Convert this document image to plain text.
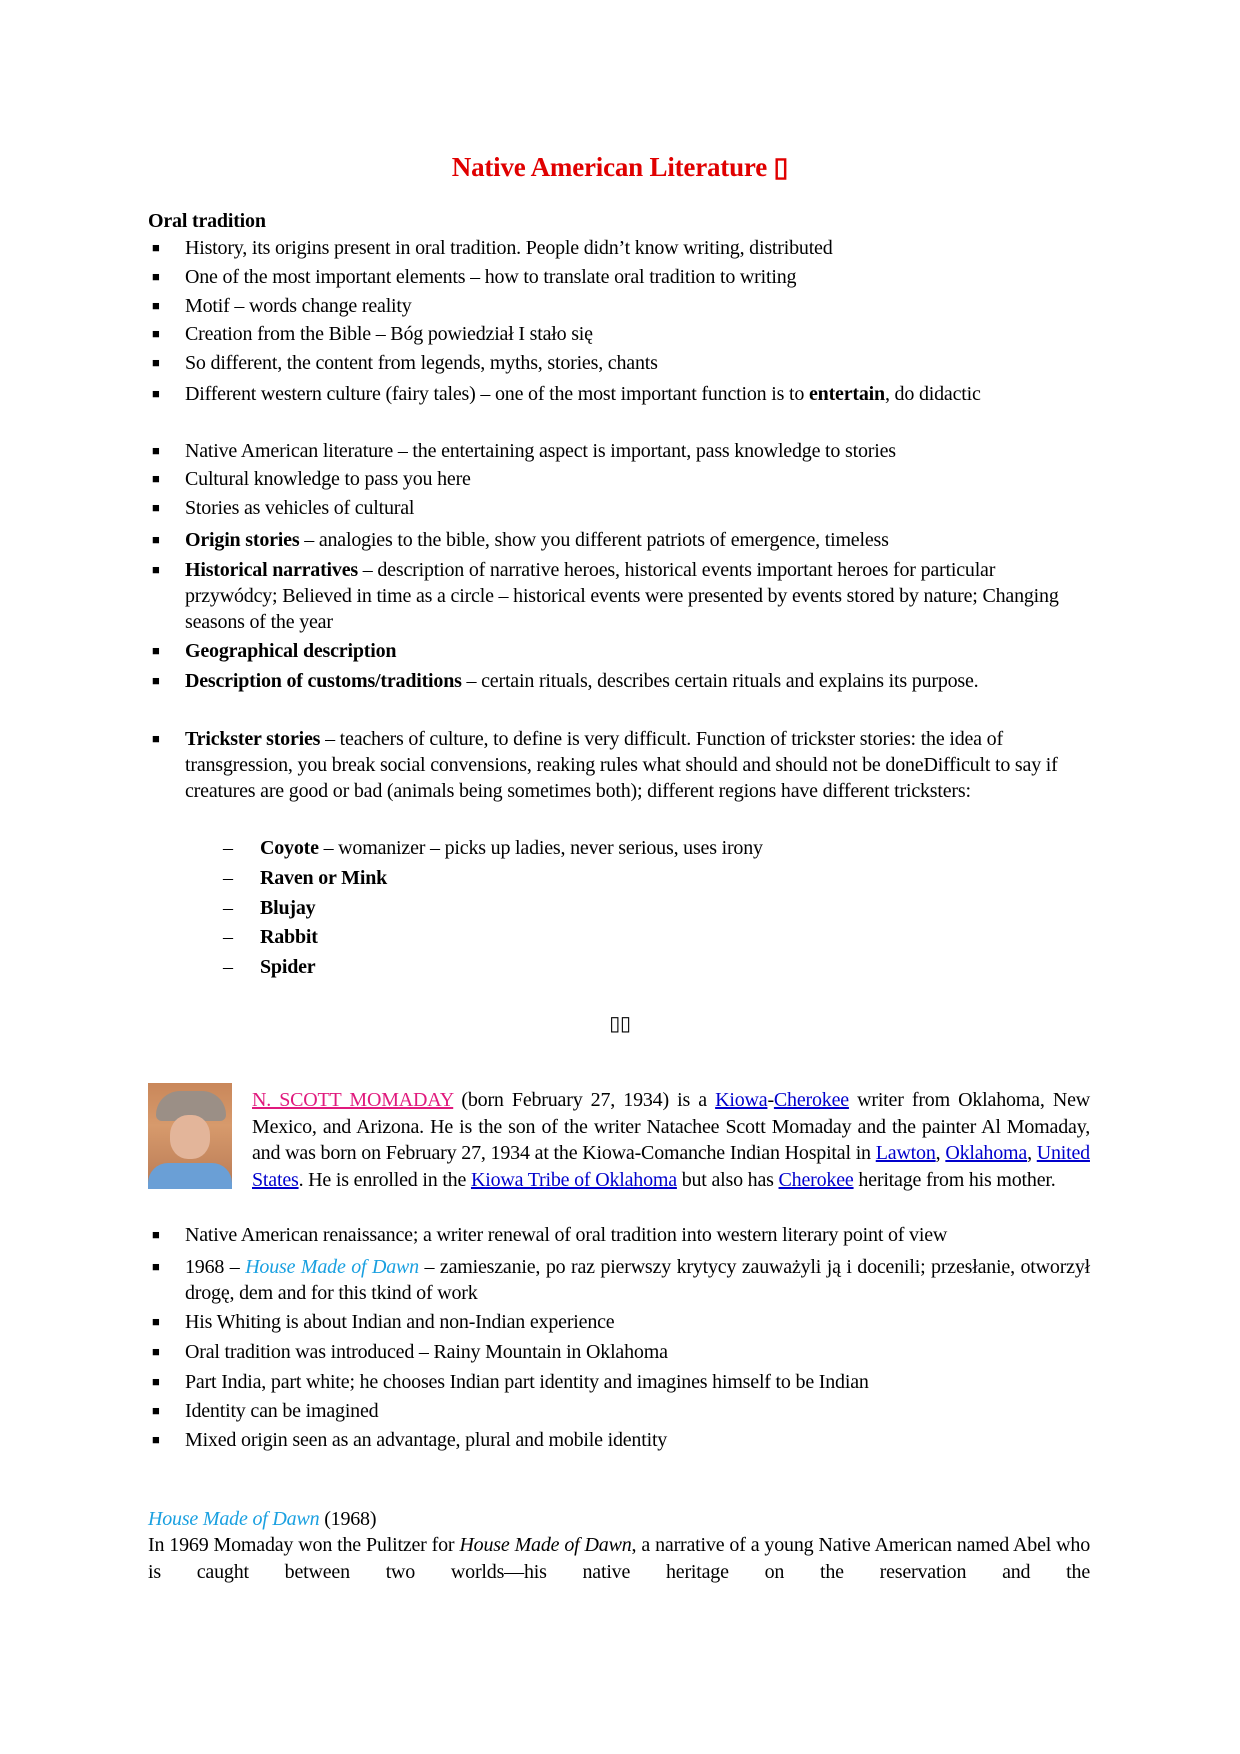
Native American Literature ▯
Oral tradition
■ History, its origins present in oral tradition. People didn’t know writing, distributed
■ One of the most important elements – how to translate oral tradition to writing
■ Motif – words change reality
■ Creation from the Bible – Bóg powiedział I stało się
■ So different, the content from legends, myths, stories, chants
■ Different western culture (fairy tales) – one of the most important function is to entertain, do didactic
■ Native American literature – the entertaining aspect is important, pass knowledge to stories
■ Cultural knowledge to pass you here
■ Stories as vehicles of cultural
■ Origin stories – analogies to the bible, show you different patriots of emergence, timeless
■ Historical narratives – description of narrative heroes, historical events important heroes for particular przywódcy; Believed in time as a circle – historical events were presented by events stored by nature; Changing seasons of the year
■ Geographical description
■ Description of customs/traditions – certain rituals, describes certain rituals and explains its purpose.
■ Trickster stories – teachers of culture, to define is very difficult. Function of trickster stories: the idea of transgression, you break social convensions, reaking rules what should and should not be doneDifficult to say if creatures are good or bad (animals being sometimes both); different regions have different tricksters:
– Coyote – womanizer – picks up ladies, never serious, uses irony
– Raven or Mink
– Blujay
– Rabbit
– Spider
▯▯
N. SCOTT MOMADAY (born February 27, 1934) is a Kiowa-Cherokee writer from Oklahoma, New Mexico, and Arizona. He is the son of the writer Natachee Scott Momaday and the painter Al Momaday, and was born on February 27, 1934 at the Kiowa-Comanche Indian Hospital in Lawton, Oklahoma, United States. He is enrolled in the Kiowa Tribe of Oklahoma but also has Cherokee heritage from his mother.
■ Native American renaissance; a writer renewal of oral tradition into western literary point of view
■ 1968 – House Made of Dawn – zamieszanie, po raz pierwszy krytycy zauważyli ją i docenili; przesłanie, otworzył drogę, dem and for this tkind of work
■ His Whiting is about Indian and non-Indian experience
■ Oral tradition was introduced – Rainy Mountain in Oklahoma
■ Part India, part white; he chooses Indian part identity and imagines himself to be Indian
■ Identity can be imagined
■ Mixed origin seen as an advantage, plural and mobile identity
House Made of Dawn (1968)
In 1969 Momaday won the Pulitzer for House Made of Dawn, a narrative of a young Native American named Abel who is caught between two worlds—his native heritage on the reservation and the
